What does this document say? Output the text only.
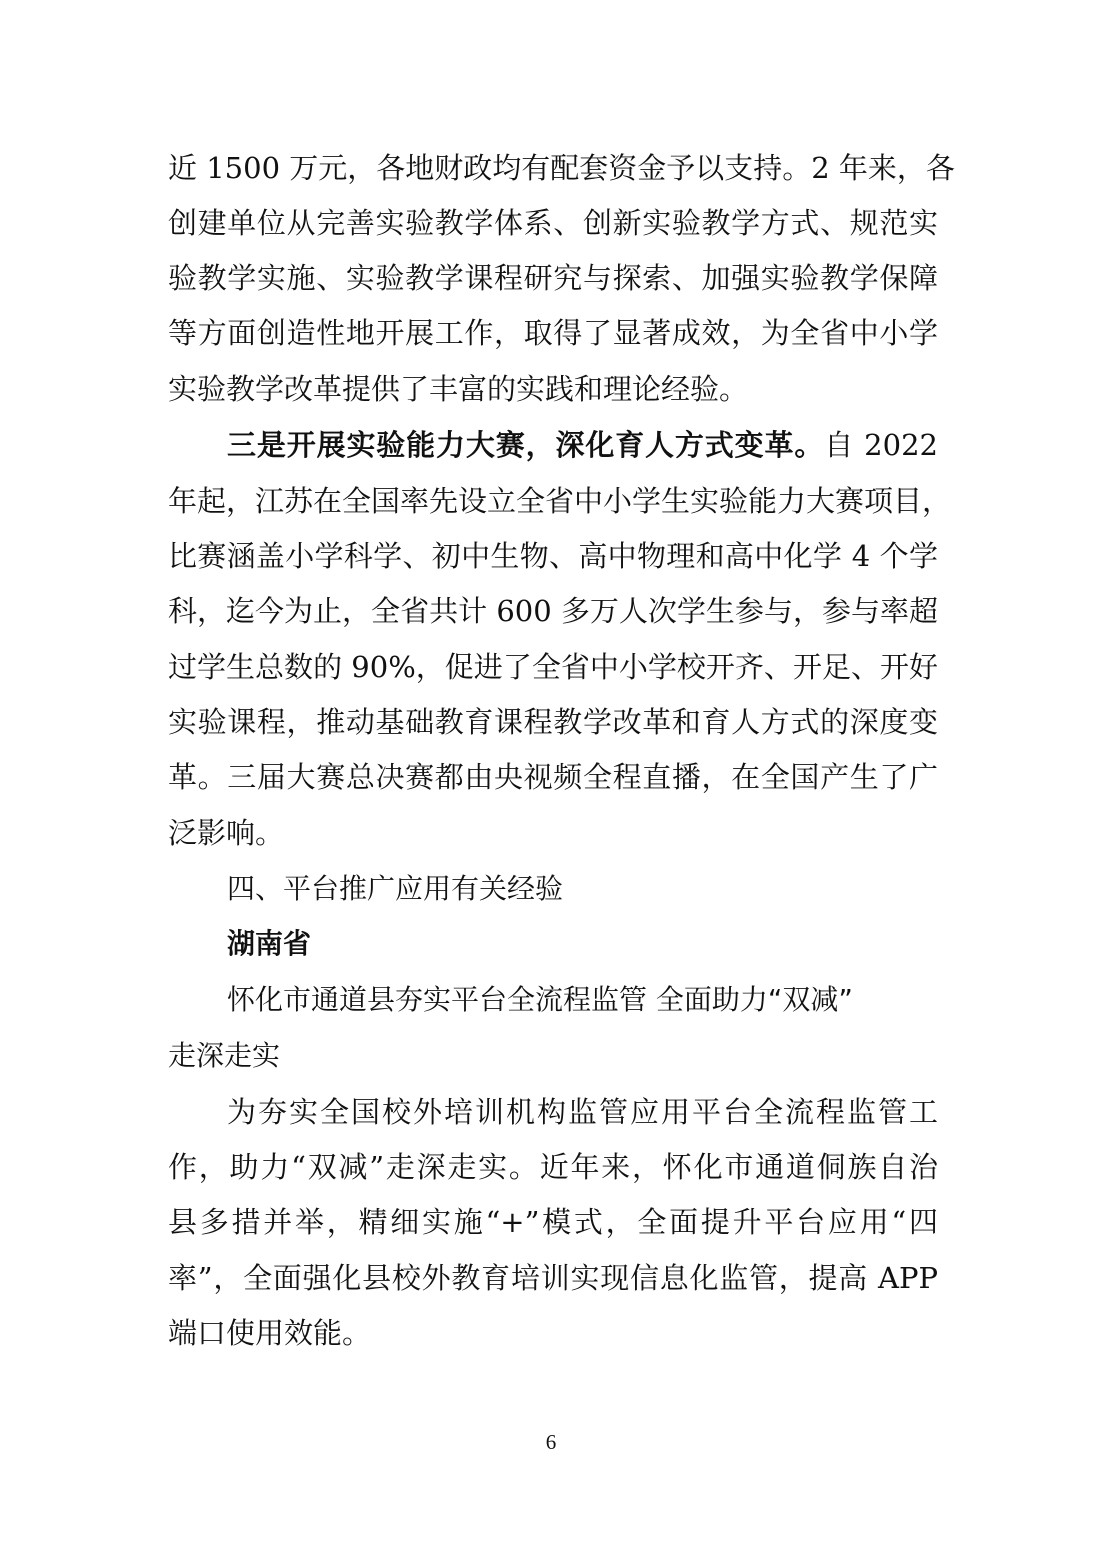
近 1500 万元，各地财政均有配套资金予以支持。2 年来，各
创建单位从完善实验教学体系、创新实验教学方式、规范实
验教学实施、实验教学课程研究与探索、加强实验教学保障
等方面创造性地开展工作，取得了显著成效，为全省中小学
实验教学改革提供了丰富的实践和理论经验。
三是开展实验能力大赛，深化育人方式变革。自 2022
年起，江苏在全国率先设立全省中小学生实验能力大赛项目，
比赛涵盖小学科学、初中生物、高中物理和高中化学 4 个学
科，迄今为止，全省共计 600 多万人次学生参与，参与率超
过学生总数的 90%，促进了全省中小学校开齐、开足、开好
实验课程，推动基础教育课程教学改革和育人方式的深度变
革。三届大赛总决赛都由央视频全程直播，在全国产生了广
泛影响。
四、平台推广应用有关经验
湖南省
怀化市通道县夯实平台全流程监管 全面助力“双减”
走深走实
为夯实全国校外培训机构监管应用平台全流程监管工
作，助力“双减”走深走实。近年来，怀化市通道侗族自治
县多措并举，精细实施“+”模式，全面提升平台应用“四
率”，全面强化县校外教育培训实现信息化监管，提高 APP
端口使用效能。
6
